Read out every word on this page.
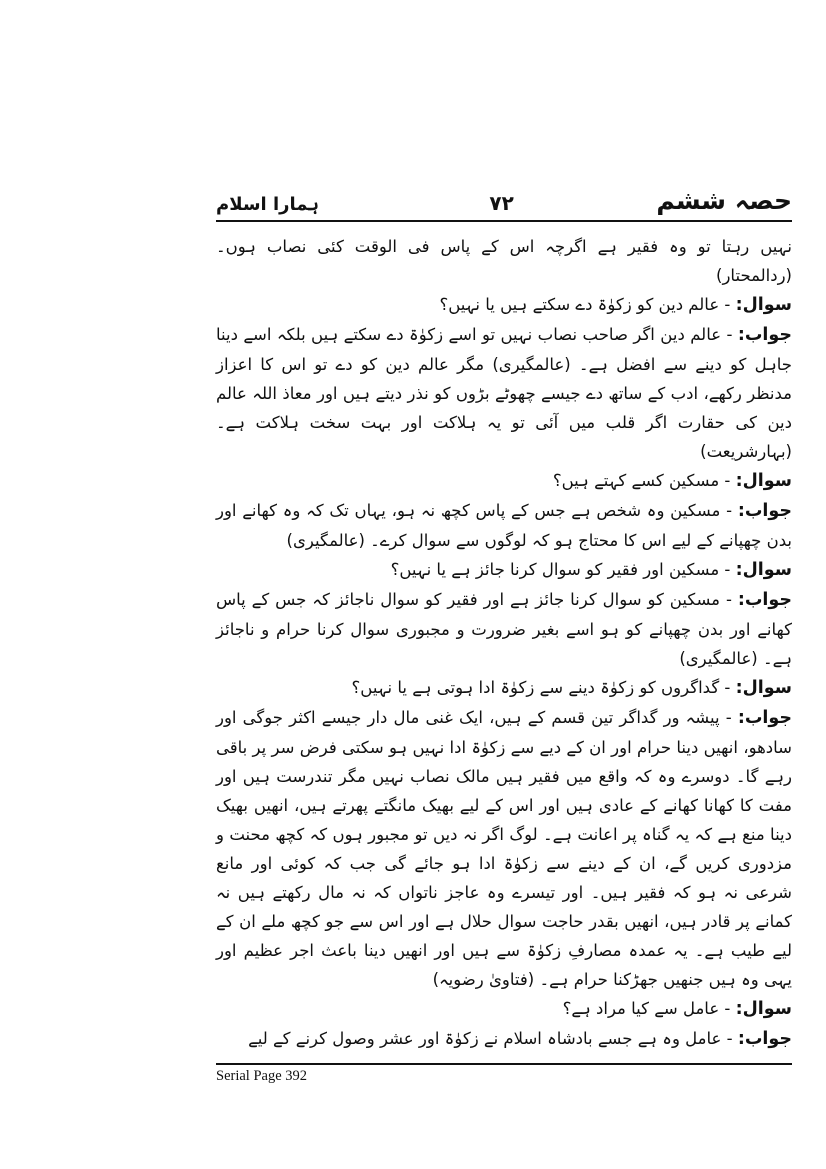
حصہ ششم
۷۲
ہمارا اسلام

نہیں رہتا تو وہ فقیر ہے اگرچہ اس کے پاس فی الوقت کئی نصاب ہوں۔ (ردالمحتار)

سوال: - عالم دین کو زکوٰۃ دے سکتے ہیں یا نہیں؟

جواب: - عالم دین اگر صاحب نصاب نہیں تو اسے زکوٰۃ دے سکتے ہیں بلکہ اسے دینا جاہل کو دینے سے افضل ہے۔ (عالمگیری) مگر عالم دین کو دے تو اس کا اعزاز مدنظر رکھے، ادب کے ساتھ دے جیسے چھوٹے بڑوں کو نذر دیتے ہیں اور معاذ اللہ عالم دین کی حقارت اگر قلب میں آئی تو یہ ہلاکت اور بہت سخت ہلاکت ہے۔ (بہارشریعت)

سوال: - مسکین کسے کہتے ہیں؟

جواب: - مسکین وہ شخص ہے جس کے پاس کچھ نہ ہو، یہاں تک کہ وہ کھانے اور بدن چھپانے کے لیے اس کا محتاج ہو کہ لوگوں سے سوال کرے۔ (عالمگیری)

سوال: - مسکین اور فقیر کو سوال کرنا جائز ہے یا نہیں؟

جواب: - مسکین کو سوال کرنا جائز ہے اور فقیر کو سوال ناجائز کہ جس کے پاس کھانے اور بدن چھپانے کو ہو اسے بغیر ضرورت و مجبوری سوال کرنا حرام و ناجائز ہے۔ (عالمگیری)

سوال: - گداگروں کو زکوٰۃ دینے سے زکوٰۃ ادا ہوتی ہے یا نہیں؟

جواب: - پیشہ ور گداگر تین قسم کے ہیں، ایک غنی مال دار جیسے اکثر جوگی اور سادھو، انھیں دینا حرام اور ان کے دیے سے زکوٰۃ ادا نہیں ہو سکتی فرض سر پر باقی رہے گا۔ دوسرے وہ کہ واقع میں فقیر ہیں مالک نصاب نہیں مگر تندرست ہیں اور مفت کا کھانا کھانے کے عادی ہیں اور اس کے لیے بھیک مانگتے پھرتے ہیں، انھیں بھیک دینا منع ہے کہ یہ گناہ پر اعانت ہے۔ لوگ اگر نہ دیں تو مجبور ہوں کہ کچھ محنت و مزدوری کریں گے، ان کے دینے سے زکوٰۃ ادا ہو جائے گی جب کہ کوئی اور مانع شرعی نہ ہو کہ فقیر ہیں۔ اور تیسرے وہ عاجز ناتواں کہ نہ مال رکھتے ہیں نہ کمانے پر قادر ہیں، انھیں بقدر حاجت سوال حلال ہے اور اس سے جو کچھ ملے ان کے لیے طیب ہے۔ یہ عمدہ مصارفِ زکوٰۃ سے ہیں اور انھیں دینا باعث اجر عظیم اور یہی وہ ہیں جنھیں جھڑکنا حرام ہے۔ (فتاویٰ رضویہ)

سوال: - عامل سے کیا مراد ہے؟

جواب: - عامل وہ ہے جسے بادشاہ اسلام نے زکوٰۃ اور عشر وصول کرنے کے لیے

Serial Page 392
